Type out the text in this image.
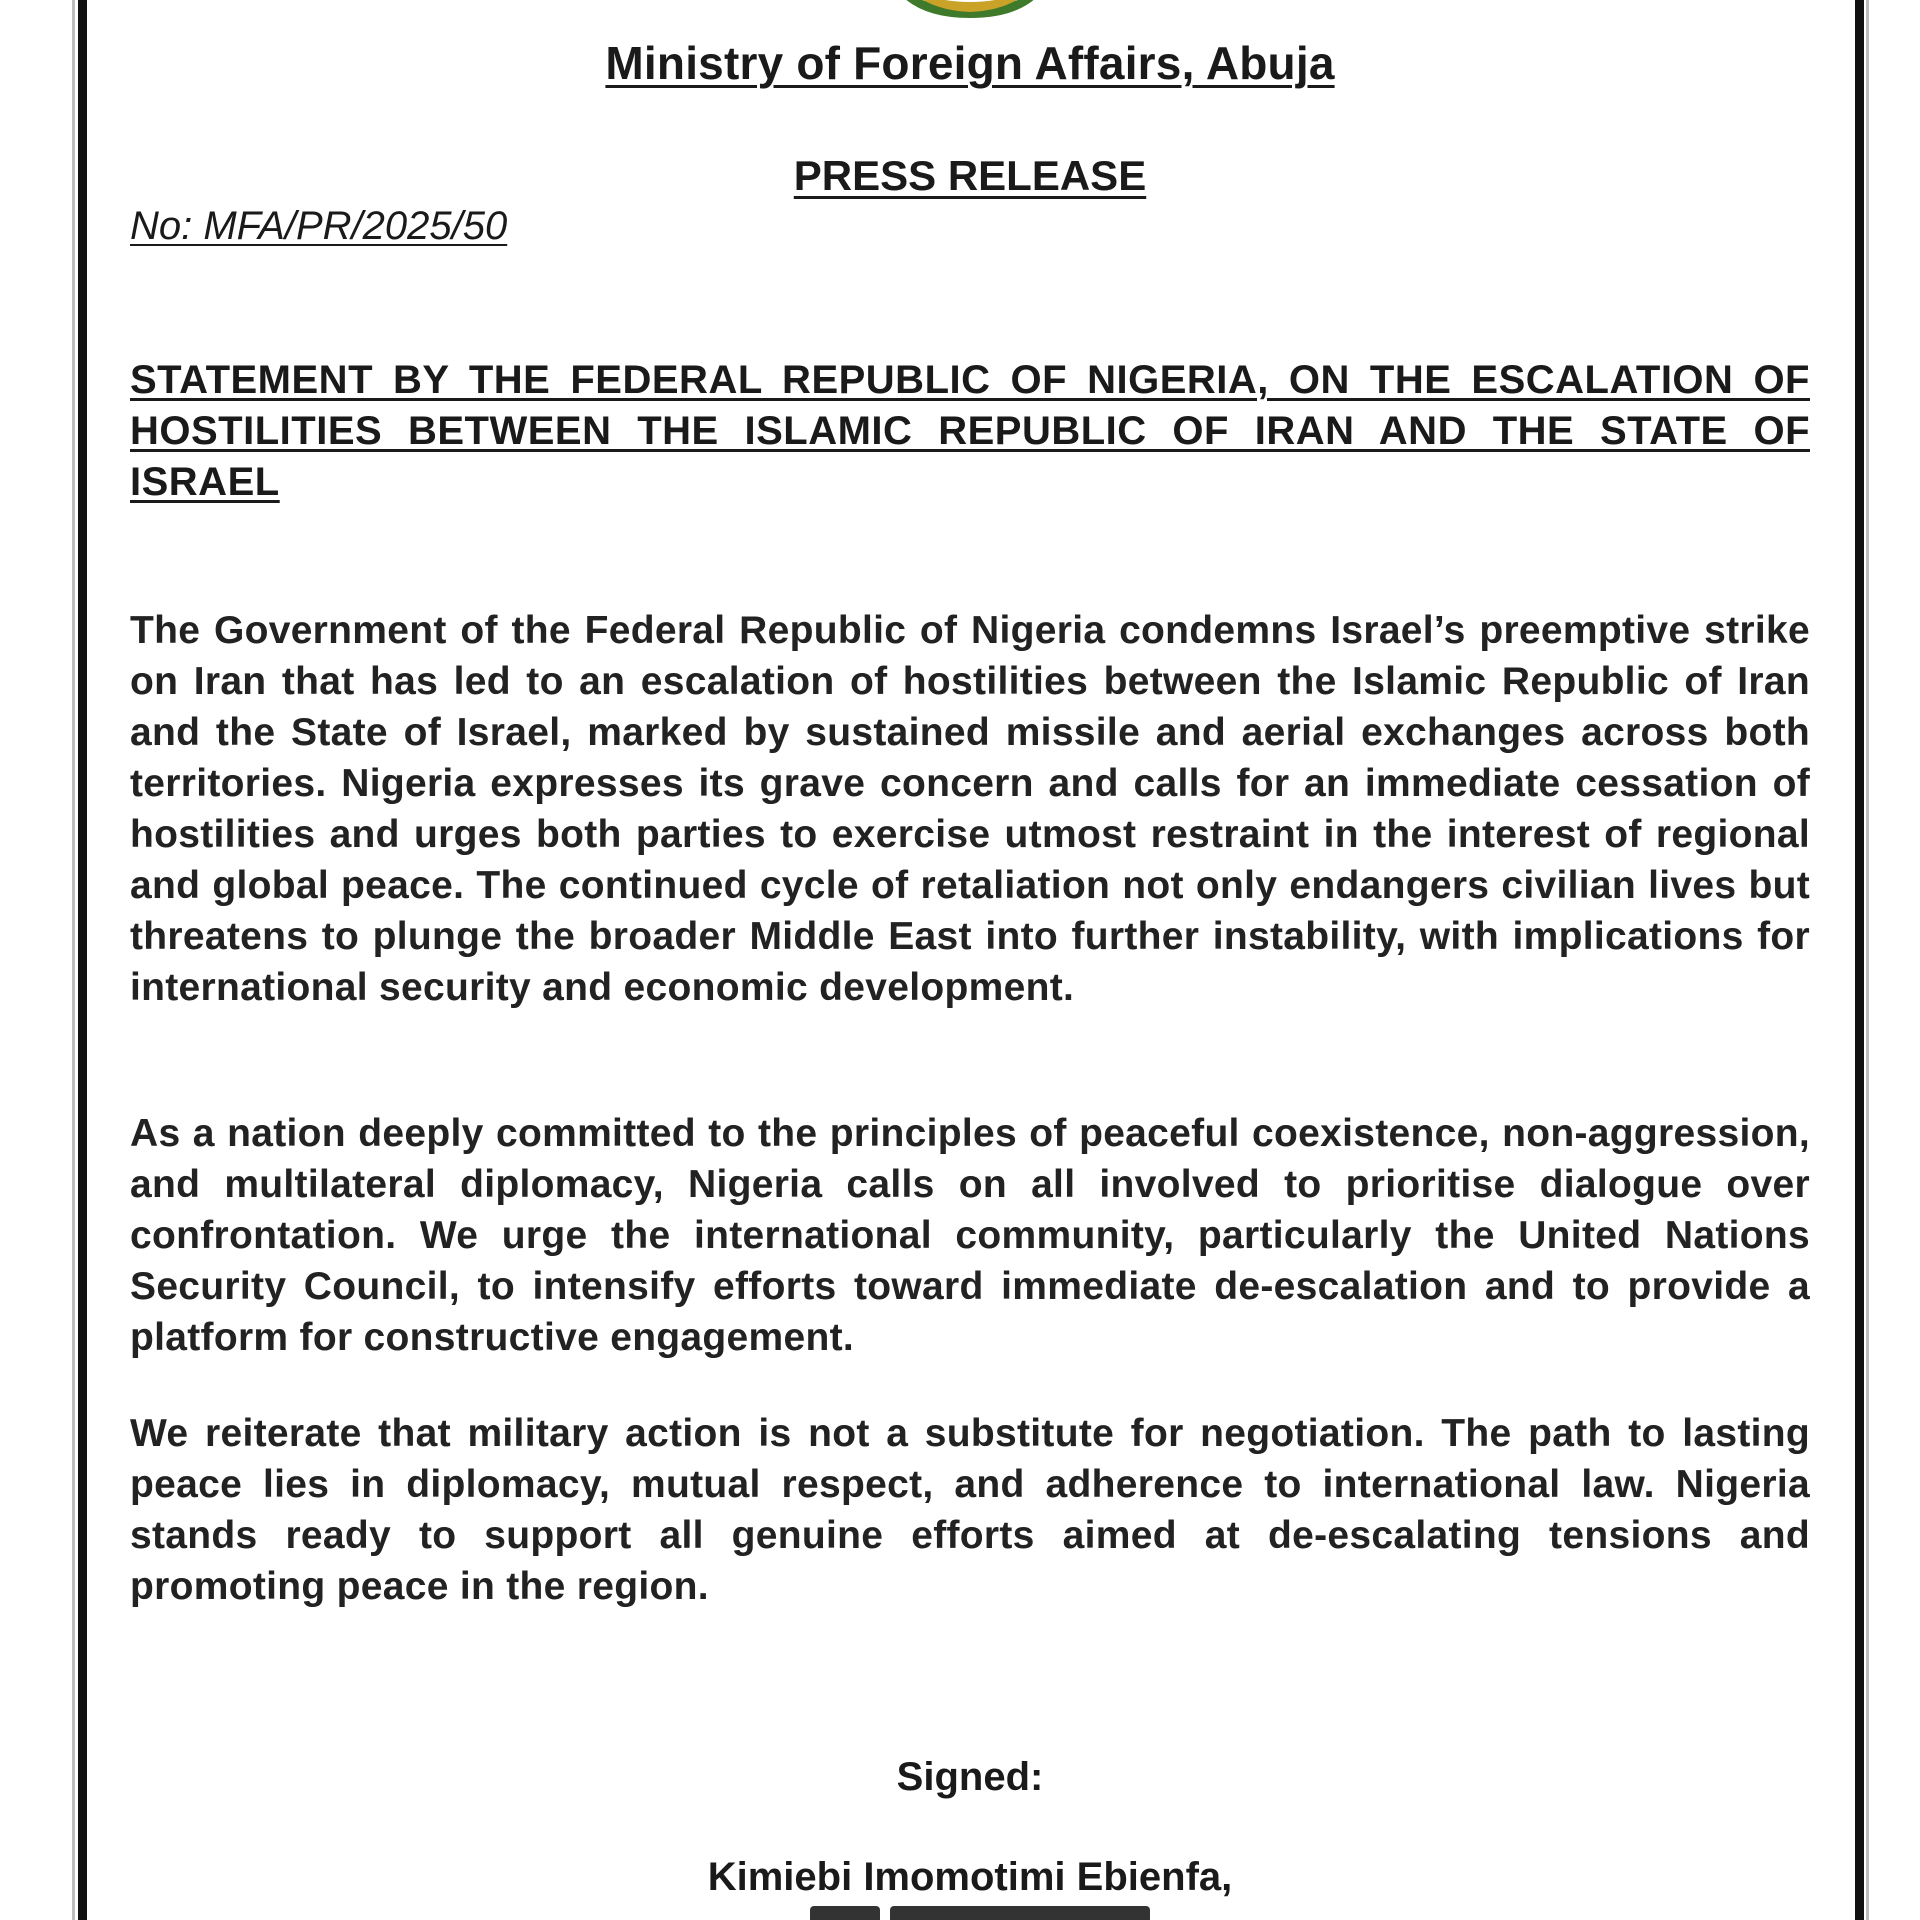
Ministry of Foreign Affairs, Abuja
PRESS RELEASE
No: MFA/PR/2025/50
STATEMENT BY THE FEDERAL REPUBLIC OF NIGERIA, ON THE ESCALATION OF HOSTILITIES BETWEEN THE ISLAMIC REPUBLIC OF IRAN AND THE STATE OF ISRAEL

The Government of the Federal Republic of Nigeria condemns Israel’s preemptive strike on Iran that has led to an escalation of hostilities between the Islamic Republic of Iran and the State of Israel, marked by sustained missile and aerial exchanges across both territories. Nigeria expresses its grave concern and calls for an immediate cessation of hostilities and urges both parties to exercise utmost restraint in the interest of regional and global peace. The continued cycle of retaliation not only endangers civilian lives but threatens to plunge the broader Middle East into further instability, with implications for international security and economic development.

As a nation deeply committed to the principles of peaceful coexistence, non-aggression, and multilateral diplomacy, Nigeria calls on all involved to prioritise dialogue over confrontation. We urge the international community, particularly the United Nations Security Council, to intensify efforts toward immediate de-escalation and to provide a platform for constructive engagement.

We reiterate that military action is not a substitute for negotiation. The path to lasting peace lies in diplomacy, mutual respect, and adherence to international law. Nigeria stands ready to support all genuine efforts aimed at de-escalating tensions and promoting peace in the region.

Signed:
Kimiebi Imomotimi Ebienfa,
